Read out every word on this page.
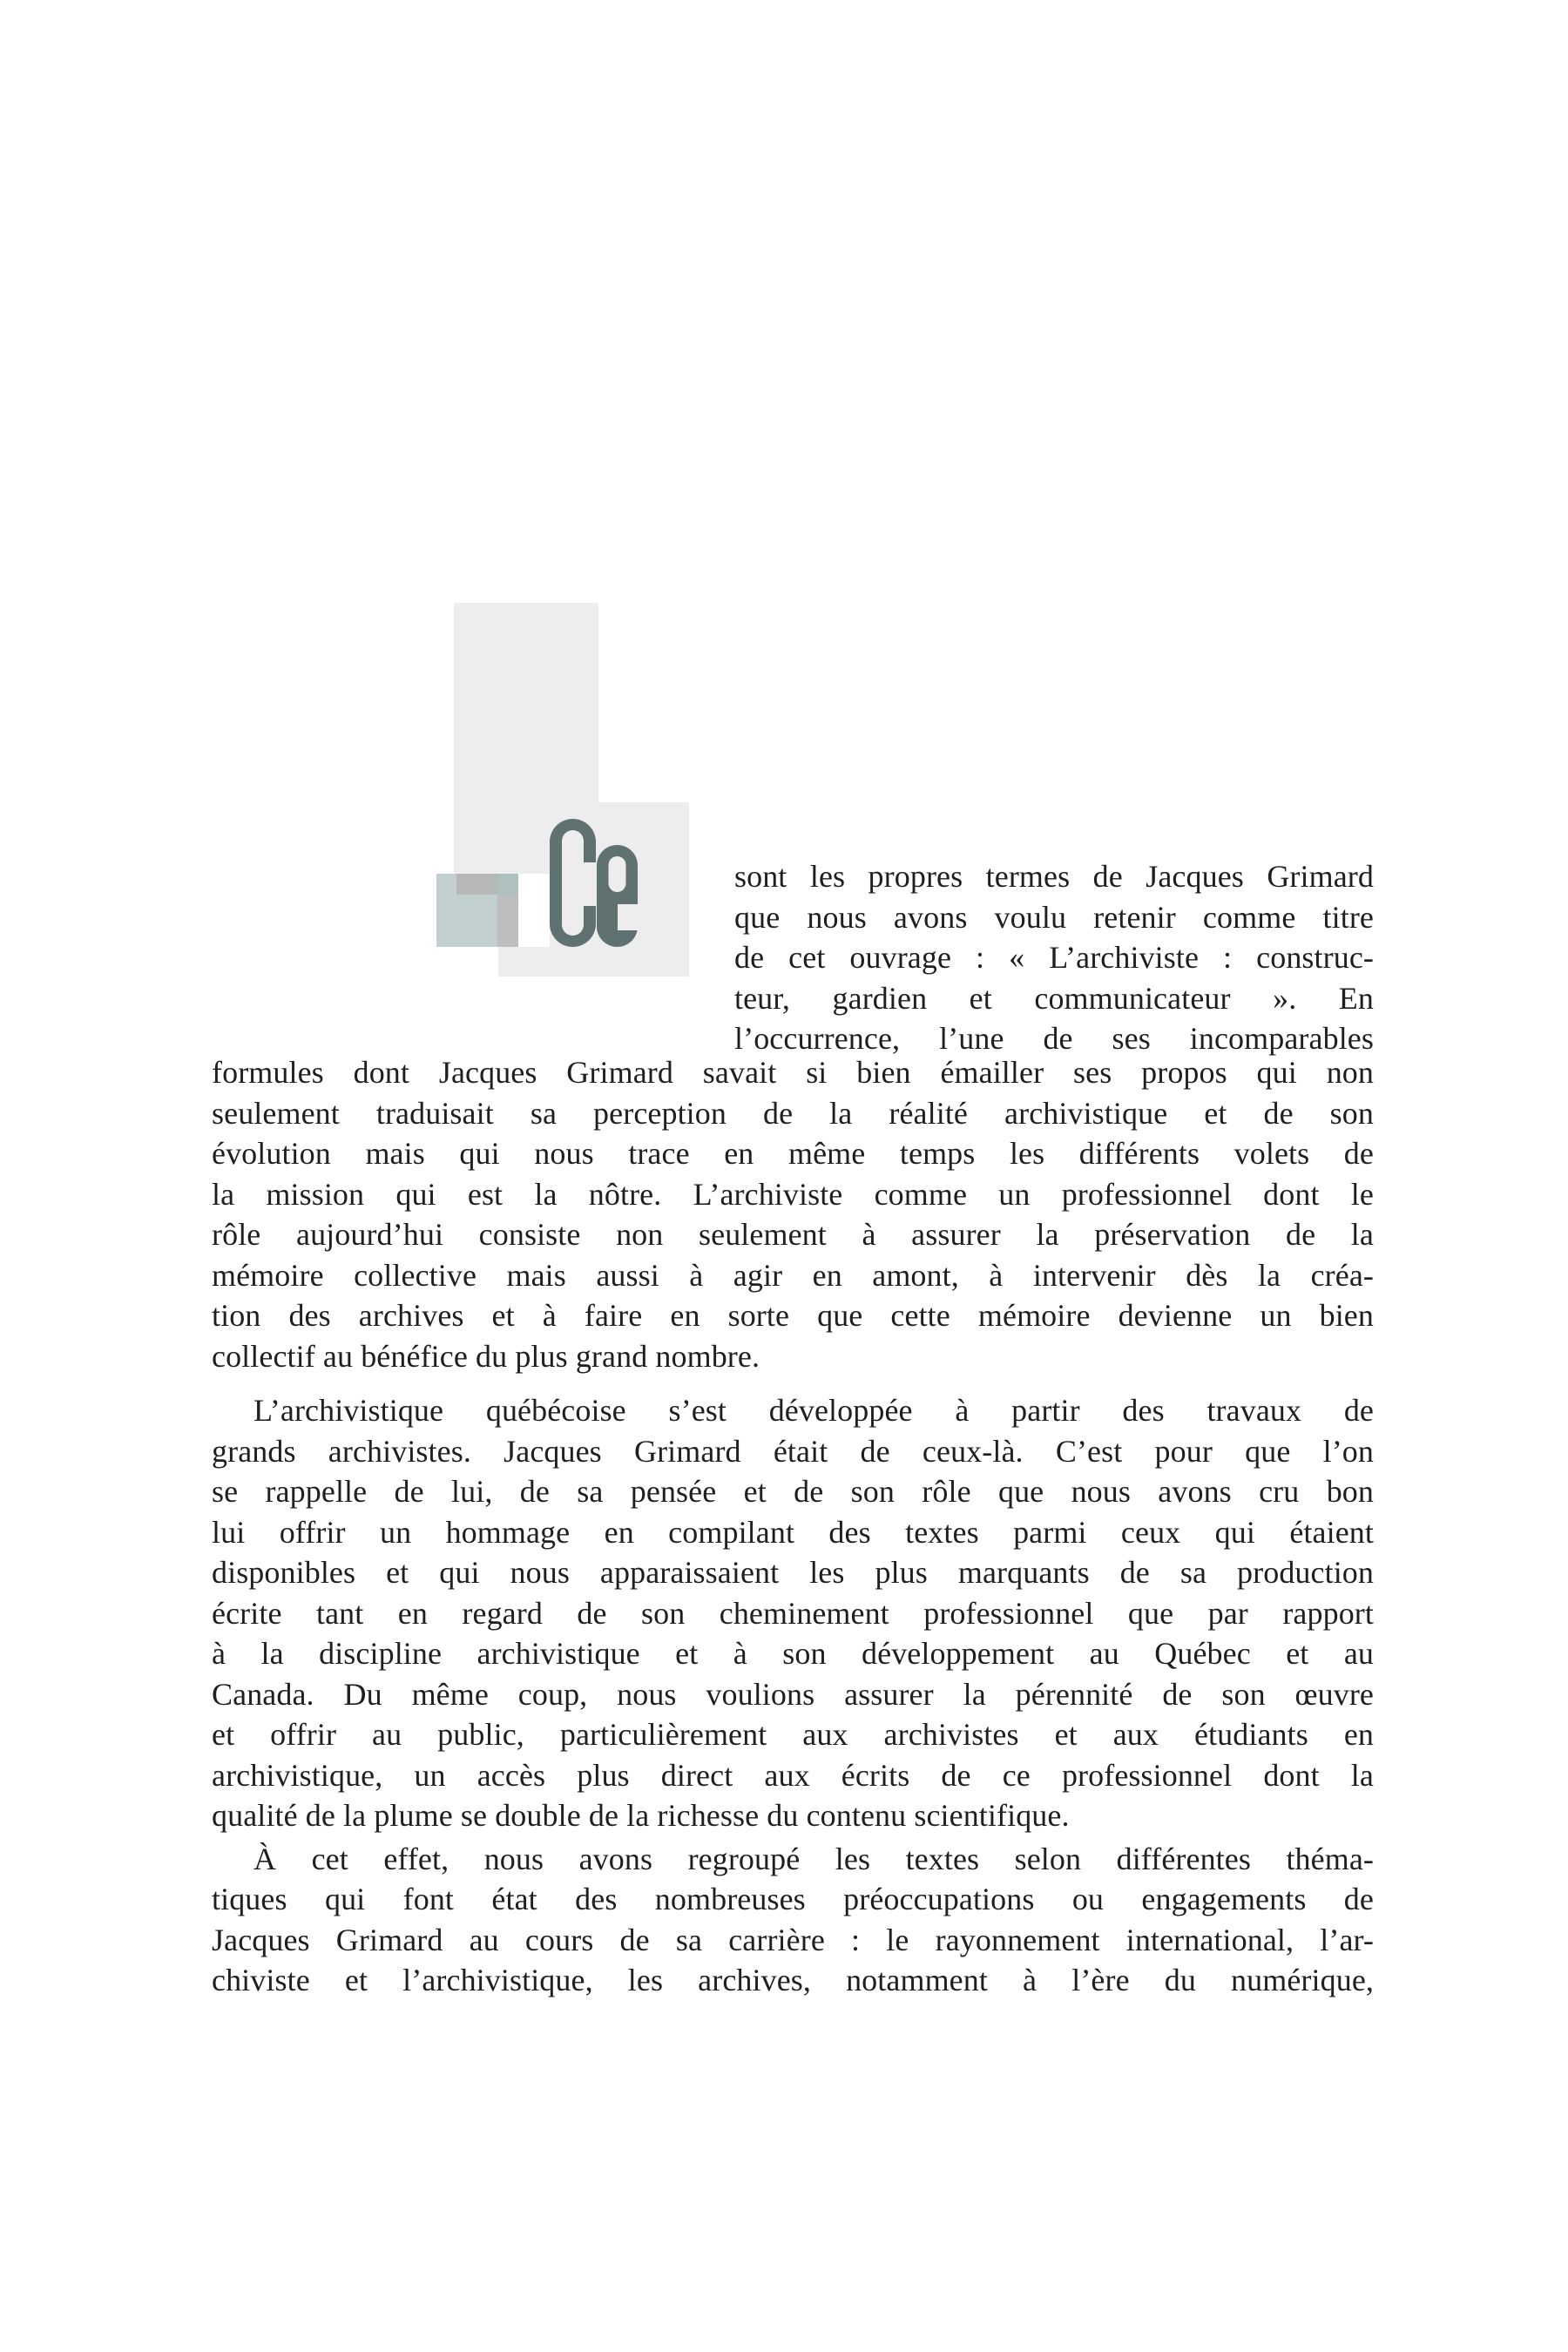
sont les propres termes de Jacques Grimard
que nous avons voulu retenir comme titre
de cet ouvrage : « L’archiviste : construc-
teur, gardien et communicateur ». En
l’occurrence, l’une de ses incomparables
formules dont Jacques Grimard savait si bien émailler ses propos qui non
seulement traduisait sa perception de la réalité archivistique et de son
évolution mais qui nous trace en même temps les différents volets de
la mission qui est la nôtre. L’archiviste comme un professionnel dont le
rôle aujourd’hui consiste non seulement à assurer la préservation de la
mémoire collective mais aussi à agir en amont, à intervenir dès la créa-
tion des archives et à faire en sorte que cette mémoire devienne un bien
collectif au bénéfice du plus grand nombre.
L’archivistique québécoise s’est développée à partir des travaux de
grands archivistes. Jacques Grimard était de ceux-là. C’est pour que l’on
se rappelle de lui, de sa pensée et de son rôle que nous avons cru bon
lui offrir un hommage en compilant des textes parmi ceux qui étaient
disponibles et qui nous apparaissaient les plus marquants de sa production
écrite tant en regard de son cheminement professionnel que par rapport
à la discipline archivistique et à son développement au Québec et au
Canada. Du même coup, nous voulions assurer la pérennité de son œuvre
et offrir au public, particulièrement aux archivistes et aux étudiants en
archivistique, un accès plus direct aux écrits de ce professionnel dont la
qualité de la plume se double de la richesse du contenu scientifique.
À cet effet, nous avons regroupé les textes selon différentes théma-
tiques qui font état des nombreuses préoccupations ou engagements de
Jacques Grimard au cours de sa carrière : le rayonnement international, l’ar-
chiviste et l’archivistique, les archives, notamment à l’ère du numérique,
